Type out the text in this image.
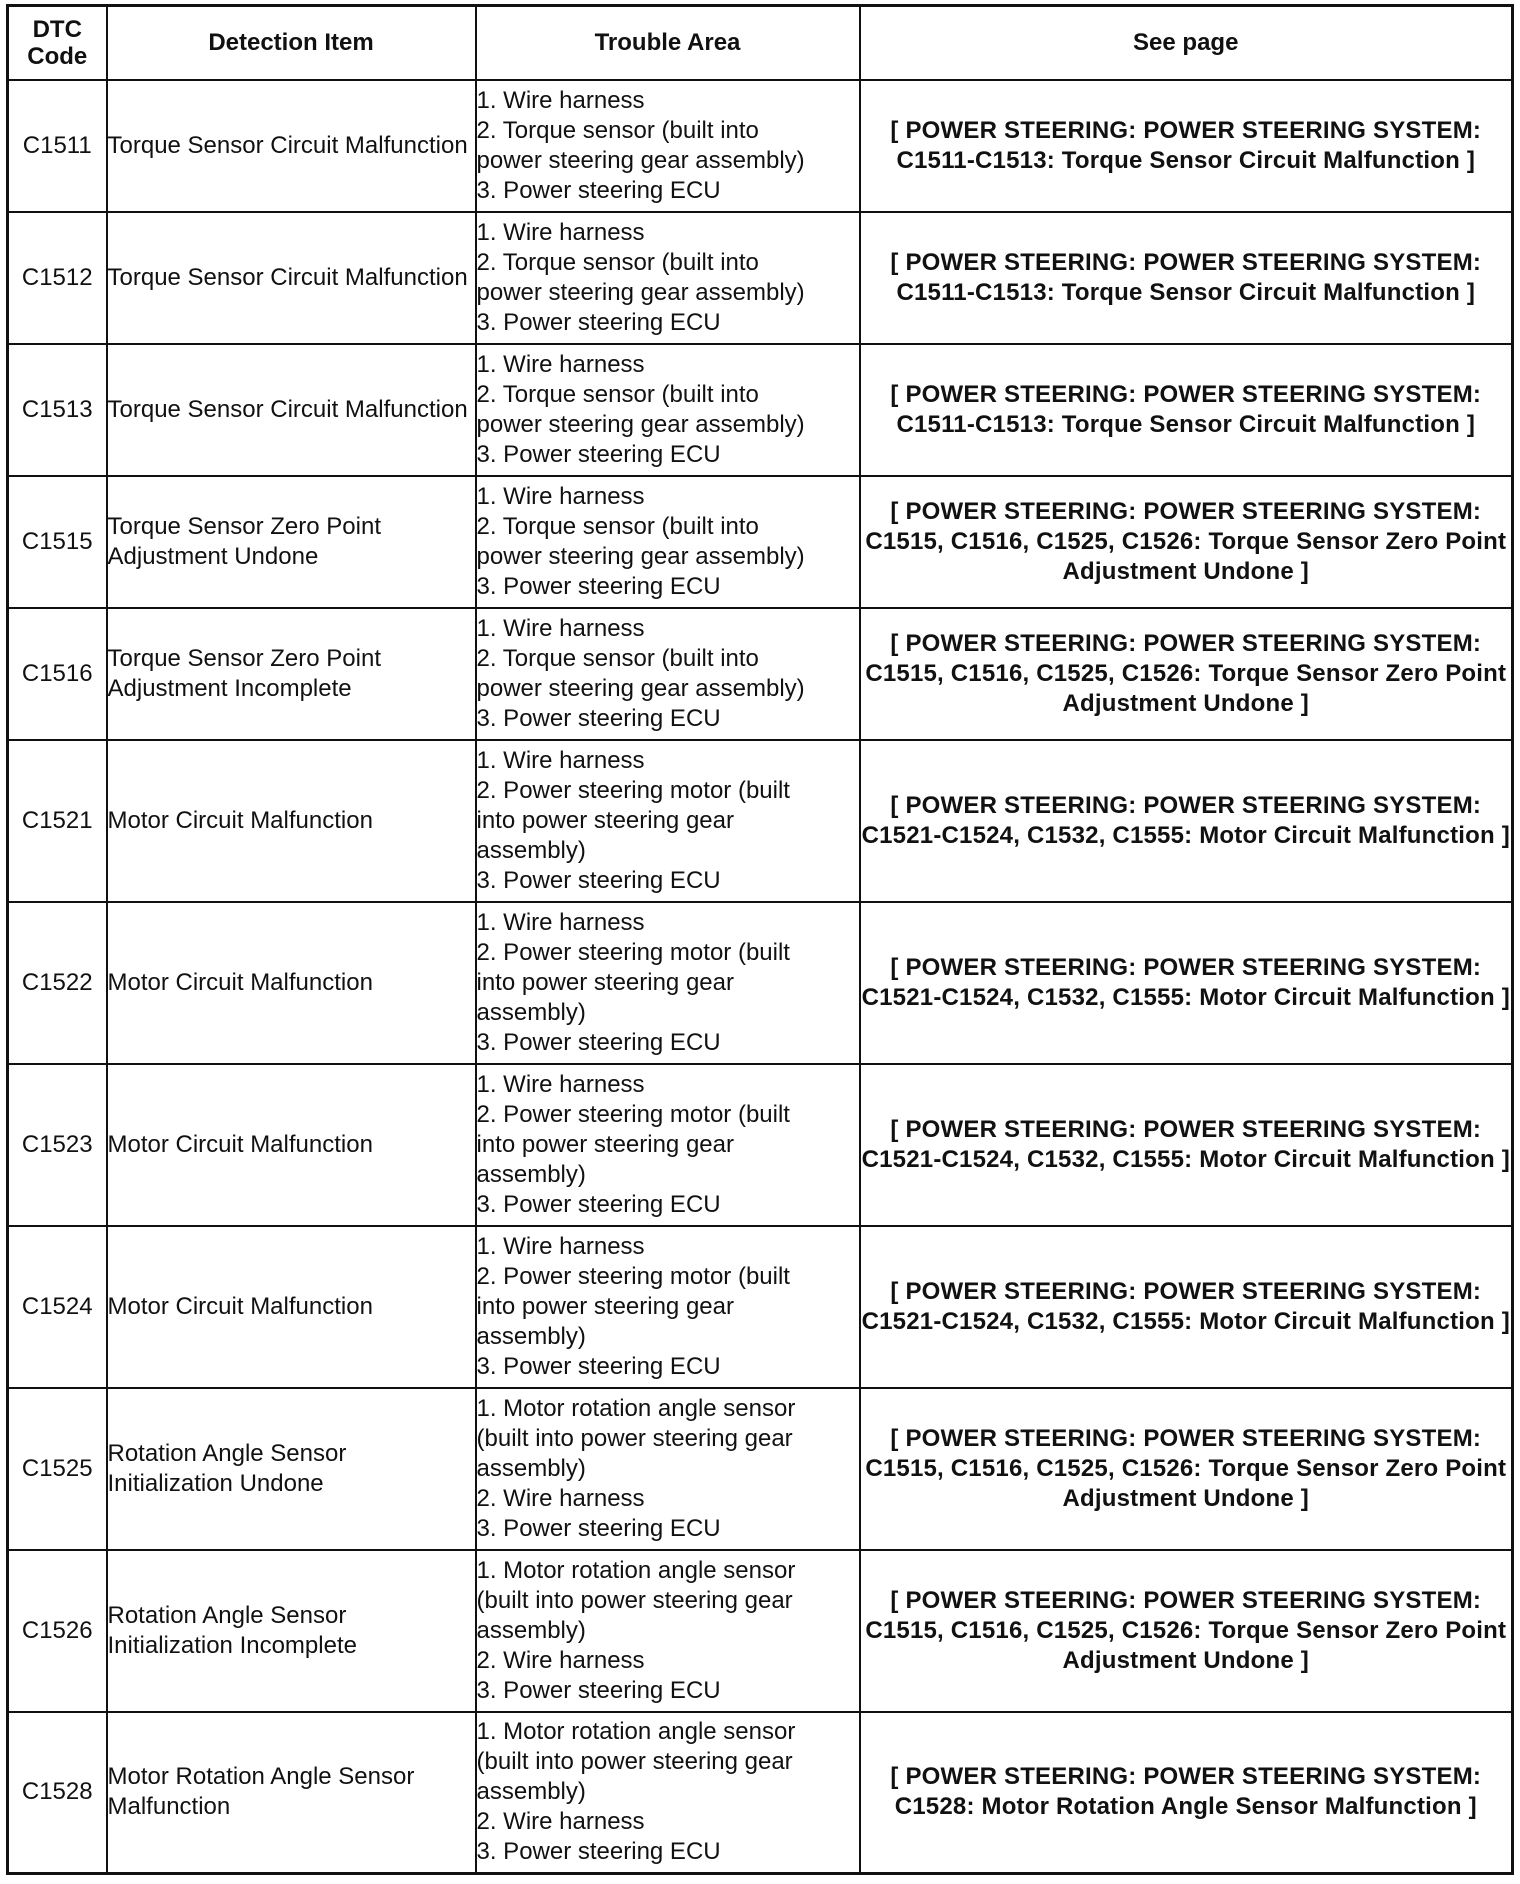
DTC Code	Detection Item	Trouble Area	See page
C1511	Torque Sensor Circuit Malfunction	1. Wire harness
2. Torque sensor (built into
power steering gear assembly)
3. Power steering ECU	[ POWER STEERING: POWER STEERING SYSTEM: C1511-C1513: Torque Sensor Circuit Malfunction ]
C1512	Torque Sensor Circuit Malfunction	1. Wire harness
2. Torque sensor (built into
power steering gear assembly)
3. Power steering ECU	[ POWER STEERING: POWER STEERING SYSTEM: C1511-C1513: Torque Sensor Circuit Malfunction ]
C1513	Torque Sensor Circuit Malfunction	1. Wire harness
2. Torque sensor (built into
power steering gear assembly)
3. Power steering ECU	[ POWER STEERING: POWER STEERING SYSTEM: C1511-C1513: Torque Sensor Circuit Malfunction ]
C1515	Torque Sensor Zero Point Adjustment Undone	1. Wire harness
2. Torque sensor (built into
power steering gear assembly)
3. Power steering ECU	[ POWER STEERING: POWER STEERING SYSTEM: C1515, C1516, C1525, C1526: Torque Sensor Zero Point Adjustment Undone ]
C1516	Torque Sensor Zero Point Adjustment Incomplete	1. Wire harness
2. Torque sensor (built into
power steering gear assembly)
3. Power steering ECU	[ POWER STEERING: POWER STEERING SYSTEM: C1515, C1516, C1525, C1526: Torque Sensor Zero Point Adjustment Undone ]
C1521	Motor Circuit Malfunction	1. Wire harness
2. Power steering motor (built
into power steering gear
assembly)
3. Power steering ECU	[ POWER STEERING: POWER STEERING SYSTEM: C1521-C1524, C1532, C1555: Motor Circuit Malfunction ]
C1522	Motor Circuit Malfunction	1. Wire harness
2. Power steering motor (built
into power steering gear
assembly)
3. Power steering ECU	[ POWER STEERING: POWER STEERING SYSTEM: C1521-C1524, C1532, C1555: Motor Circuit Malfunction ]
C1523	Motor Circuit Malfunction	1. Wire harness
2. Power steering motor (built
into power steering gear
assembly)
3. Power steering ECU	[ POWER STEERING: POWER STEERING SYSTEM: C1521-C1524, C1532, C1555: Motor Circuit Malfunction ]
C1524	Motor Circuit Malfunction	1. Wire harness
2. Power steering motor (built
into power steering gear
assembly)
3. Power steering ECU	[ POWER STEERING: POWER STEERING SYSTEM: C1521-C1524, C1532, C1555: Motor Circuit Malfunction ]
C1525	Rotation Angle Sensor Initialization Undone	1. Motor rotation angle sensor
(built into power steering gear
assembly)
2. Wire harness
3. Power steering ECU	[ POWER STEERING: POWER STEERING SYSTEM: C1515, C1516, C1525, C1526: Torque Sensor Zero Point Adjustment Undone ]
C1526	Rotation Angle Sensor Initialization Incomplete	1. Motor rotation angle sensor
(built into power steering gear
assembly)
2. Wire harness
3. Power steering ECU	[ POWER STEERING: POWER STEERING SYSTEM: C1515, C1516, C1525, C1526: Torque Sensor Zero Point Adjustment Undone ]
C1528	Motor Rotation Angle Sensor Malfunction	1. Motor rotation angle sensor
(built into power steering gear
assembly)
2. Wire harness
3. Power steering ECU	[ POWER STEERING: POWER STEERING SYSTEM: C1528: Motor Rotation Angle Sensor Malfunction ]
